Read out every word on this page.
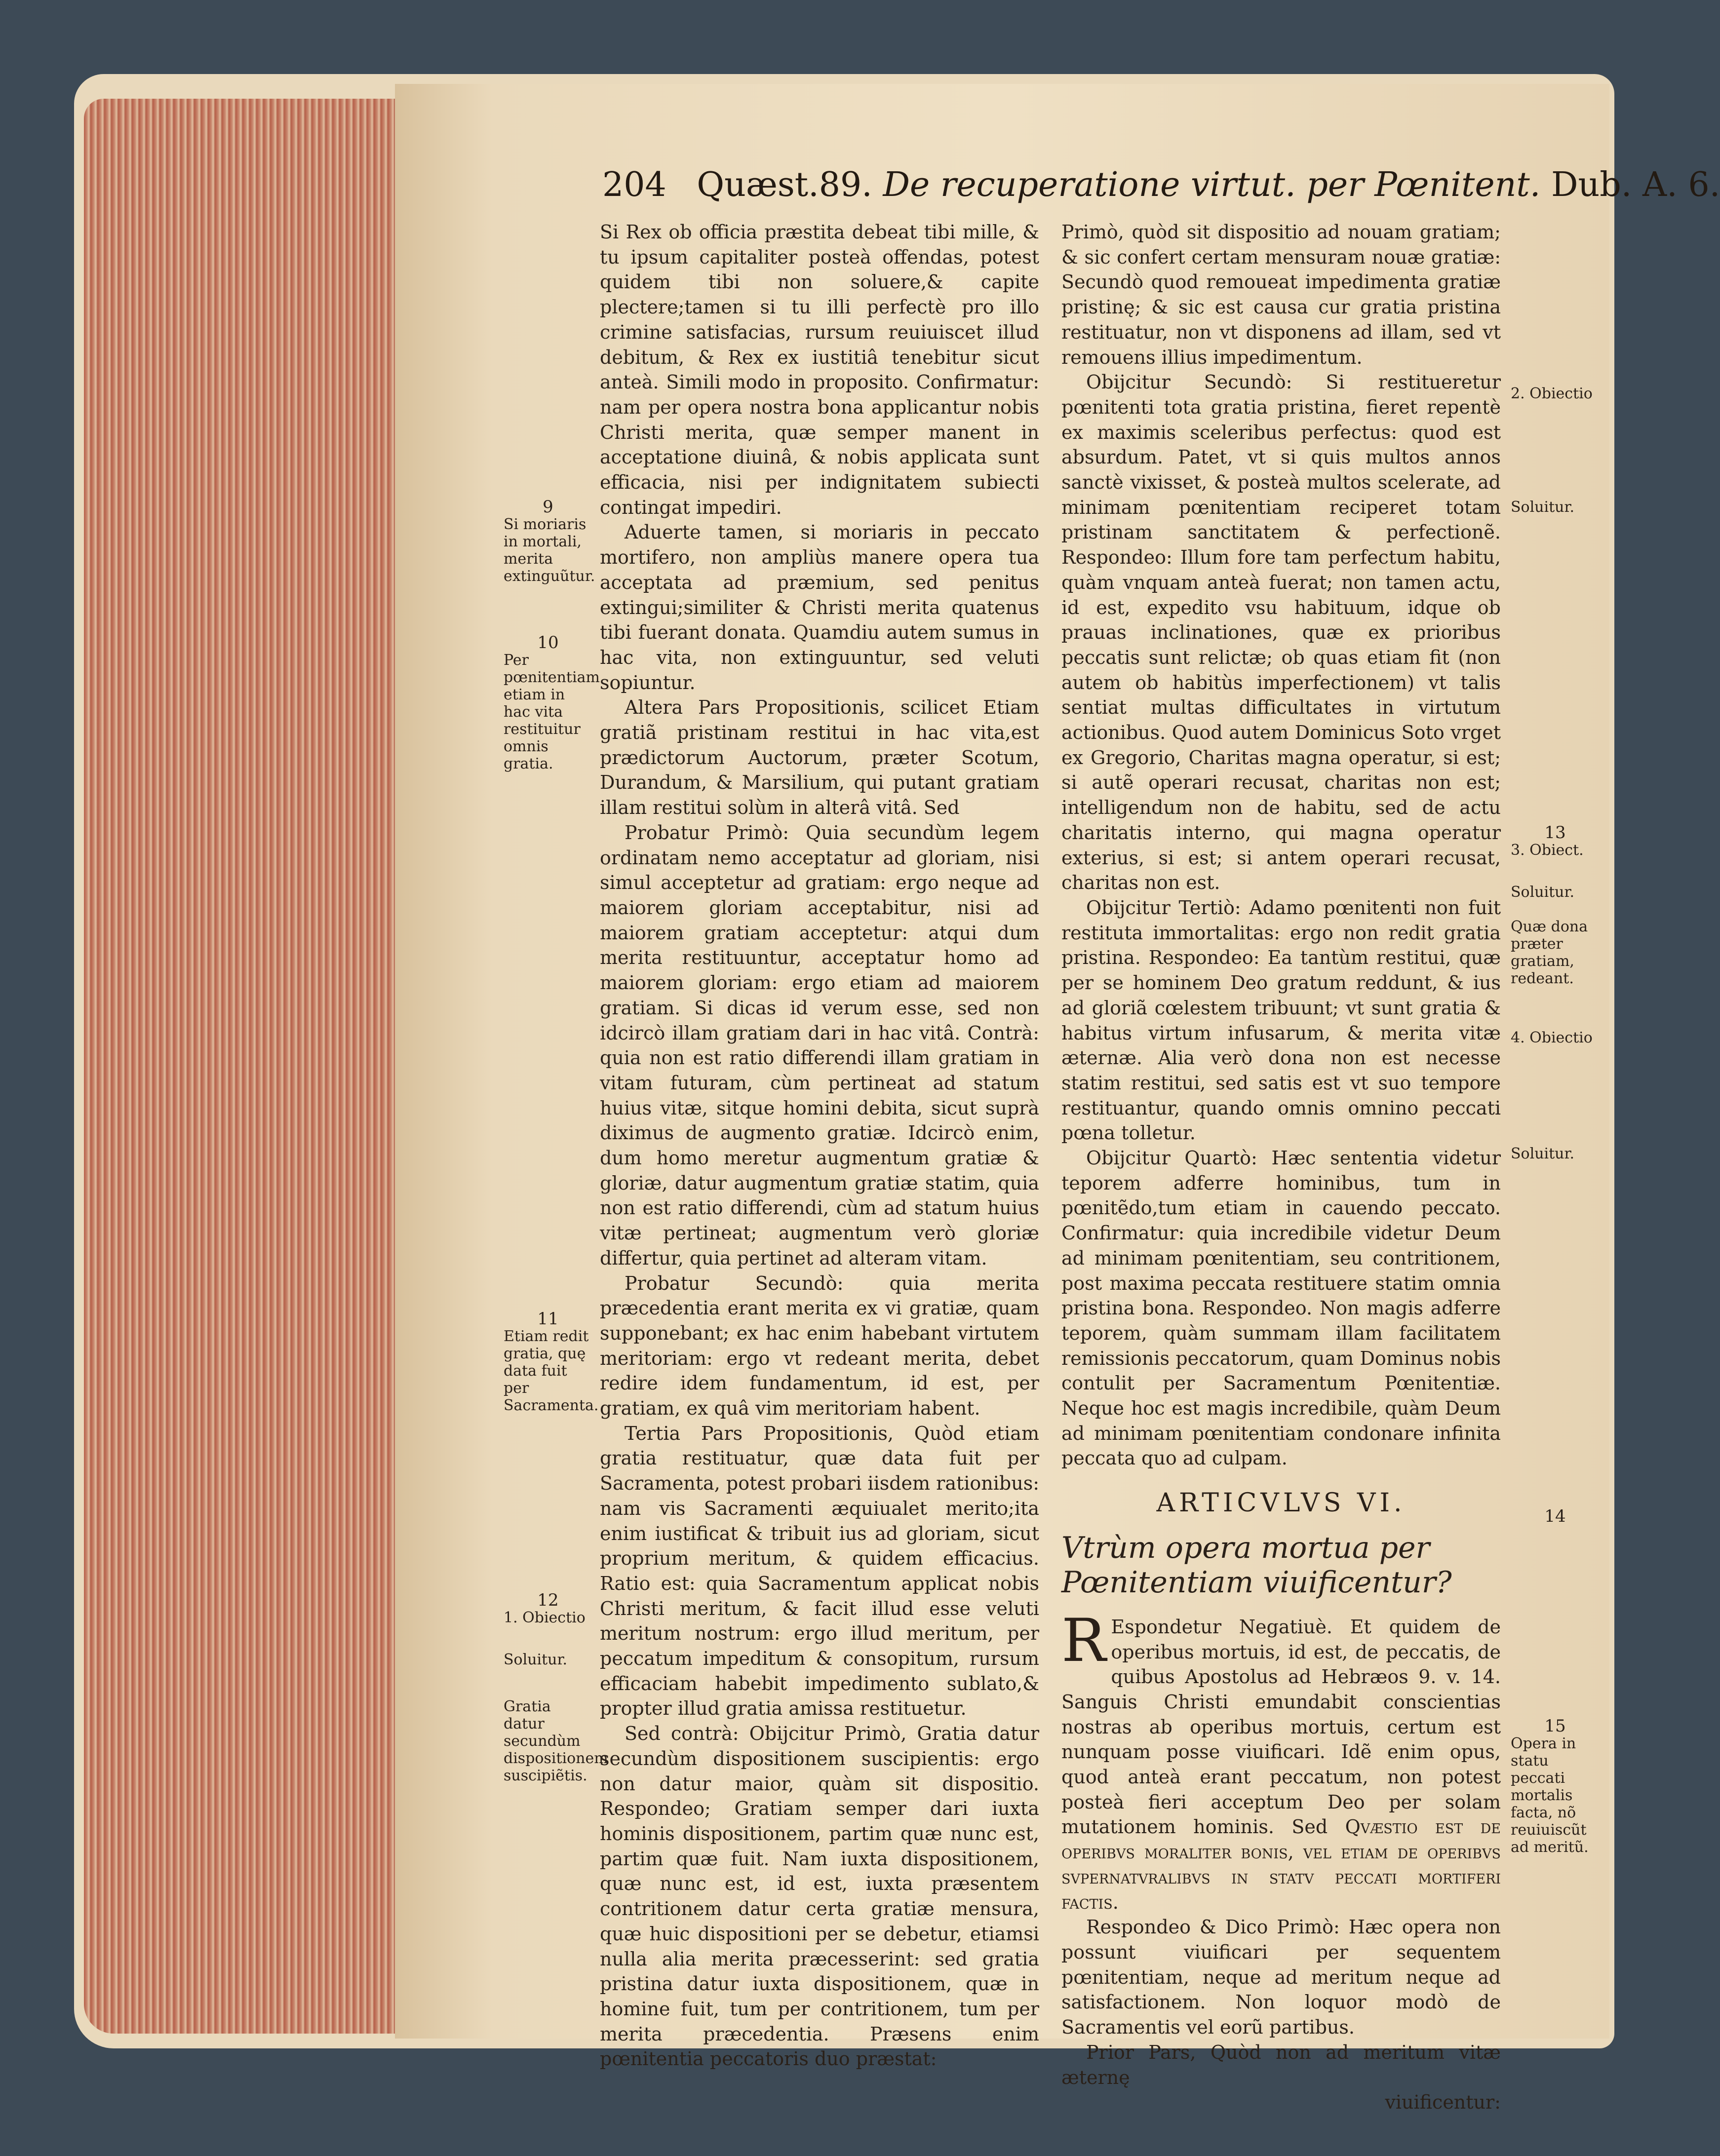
204 Quæst.89. De recuperatione virtut. per Pœnitent. Dub. A. 6.

Si Rex ob officia præstita debeat tibi mille, & tu ipsum capitaliter posteà offendas, potest quidem tibi non soluere,& capite plectere;tamen si tu illi perfectè pro illo crimine satisfacias, rursum reuiuiscet illud debitum, & Rex ex iustitiâ tenebitur sicut anteà. Simili modo in proposito. Confirmatur: nam per opera nostra bona applicantur nobis Christi merita, quæ semper manent in acceptatione diuinâ, & nobis applicata sunt efficacia, nisi per indignitatem subiecti contingat impediri.

Aduerte tamen, si moriaris in peccato mortifero, non ampliùs manere opera tua acceptata ad præmium, sed penitus extingui;similiter & Christi merita quatenus tibi fuerant donata. Quamdiu autem sumus in hac vita, non extinguuntur, sed veluti sopiuntur.

Altera Pars Propositionis, scilicet Etiam gratiã pristinam restitui in hac vita,est prædictorum Auctorum, præter Scotum, Durandum, & Marsilium, qui putant gratiam illam restitui solùm in alterâ vitâ. Sed

Probatur Primò: Quia secundùm legem ordinatam nemo acceptatur ad gloriam, nisi simul acceptetur ad gratiam: ergo neque ad maiorem gloriam acceptabitur, nisi ad maiorem gratiam acceptetur: atqui dum merita restituuntur, acceptatur homo ad maiorem gloriam: ergo etiam ad maiorem gratiam. Si dicas id verum esse, sed non idcircò illam gratiam dari in hac vitâ. Contrà: quia non est ratio differendi illam gratiam in vitam futuram, cùm pertineat ad statum huius vitæ, sitque homini debita, sicut suprà diximus de augmento gratiæ. Idcircò enim, dum homo meretur augmentum gratiæ & gloriæ, datur augmentum gratiæ statim, quia non est ratio differendi, cùm ad statum huius vitæ pertineat; augmentum verò gloriæ differtur, quia pertinet ad alteram vitam.

Probatur Secundò: quia merita præcedentia erant merita ex vi gratiæ, quam supponebant; ex hac enim habebant virtutem meritoriam: ergo vt redeant merita, debet redire idem fundamentum, id est, per gratiam, ex quâ vim meritoriam habent.

Tertia Pars Propositionis, Quòd etiam gratia restituatur, quæ data fuit per Sacramenta, potest probari iisdem rationibus: nam vis Sacramenti æquiualet merito;ita enim iustificat & tribuit ius ad gloriam, sicut proprium meritum, & quidem efficacius. Ratio est: quia Sacramentum applicat nobis Christi meritum, & facit illud esse veluti meritum nostrum: ergo illud meritum, per peccatum impeditum & consopitum, rursum efficaciam habebit impedimento sublato,& propter illud gratia amissa restituetur.

Sed contrà: Obijcitur Primò, Gratia datur secundùm dispositionem suscipientis: ergo non datur maior, quàm sit dispositio. Respondeo; Gratiam semper dari iuxta hominis dispositionem, partim quæ nunc est, partim quæ fuit. Nam iuxta dispositionem, quæ nunc est, id est, iuxta præsentem contritionem datur certa gratiæ mensura, quæ huic dispositioni per se debetur, etiamsi nulla alia merita præcesserint: sed gratia pristina datur iuxta dispositionem, quæ in homine fuit, tum per contritionem, tum per merita præcedentia. Præsens enim pœnitentia peccatoris duo præstat:

Primò, quòd sit dispositio ad nouam gratiam; & sic confert certam mensuram nouæ gratiæ: Secundò quod remoueat impedimenta gratiæ pristinę; & sic est causa cur gratia pristina restituatur, non vt disponens ad illam, sed vt remouens illius impedimentum.

Obijcitur Secundò: Si restitueretur pœnitenti tota gratia pristina, fieret repentè ex maximis sceleribus perfectus: quod est absurdum. Patet, vt si quis multos annos sanctè vixisset, & posteà multos scelerate, ad minimam pœnitentiam reciperet totam pristinam sanctitatem & perfectionẽ. Respondeo: Illum fore tam perfectum habitu, quàm vnquam anteà fuerat; non tamen actu, id est, expedito vsu habituum, idque ob prauas inclinationes, quæ ex prioribus peccatis sunt relictæ; ob quas etiam fit (non autem ob habitùs imperfectionem) vt talis sentiat multas difficultates in virtutum actionibus. Quod autem Dominicus Soto vrget ex Gregorio, Charitas magna operatur, si est; si autẽ operari recusat, charitas non est; intelligendum non de habitu, sed de actu charitatis interno, qui magna operatur exterius, si est; si antem operari recusat, charitas non est.

Obijcitur Tertiò: Adamo pœnitenti non fuit restituta immortalitas: ergo non redit gratia pristina. Respondeo: Ea tantùm restitui, quæ per se hominem Deo gratum reddunt, & ius ad gloriã cœlestem tribuunt; vt sunt gratia & habitus virtum infusarum, & merita vitæ æternæ. Alia verò dona non est necesse statim restitui, sed satis est vt suo tempore restituantur, quando omnis omnino peccati pœna tolletur.

Obijcitur Quartò: Hæc sententia videtur teporem adferre hominibus, tum in pœnitẽdo,tum etiam in cauendo peccato. Confirmatur: quia incredibile videtur Deum ad minimam pœnitentiam, seu contritionem, post maxima peccata restituere statim omnia pristina bona. Respondeo. Non magis adferre teporem, quàm summam illam facilitatem remissionis peccatorum, quam Dominus nobis contulit per Sacramentum Pœnitentiæ. Neque hoc est magis incredibile, quàm Deum ad minimam pœnitentiam condonare infinita peccata quo ad culpam.

ARTICVLVS VI.
Vtrùm opera mortua per Pœnitentiam viuificentur?

R Espondetur Negatiuè. Et quidem de operibus mortuis, id est, de peccatis, de quibus Apostolus ad Hebræos 9. v. 14. Sanguis Christi emundabit conscientias nostras ab operibus mortuis, certum est nunquam posse viuificari. Idẽ enim opus, quod anteà erant peccatum, non potest posteà fieri acceptum Deo per solam mutationem hominis. Sed Qvæstio est de operibvs moraliter bonis, vel etiam de operibvs svpernatvralibvs in statv peccati mortiferi factis.

Respondeo & Dico Primò: Hæc opera non possunt viuificari per sequentem pœnitentiam, neque ad meritum neque ad satisfactionem. Non loquor modò de Sacramentis vel eorũ partibus.

Prior Pars, Quòd non ad meritum vitæ æternę

viuificentur:

9
Si moriaris in mortali, merita extinguũtur.
10
Per pœnitentiam etiam in hac vita restituitur omnis gratia.
11
Etiam redit gratia, quę data fuit per Sacramenta.
12
1. Obiectio
Soluitur.
Gratia datur secundùm dispositionem suscipiẽtis.
2. Obiectio
Soluitur.
13
3. Obiect.
Soluitur.
Quæ dona præter gratiam, redeant.
4. Obiectio
Soluitur.
14
15
Opera in statu peccati mortalis facta, nõ reuiuiscũt ad meritũ.
